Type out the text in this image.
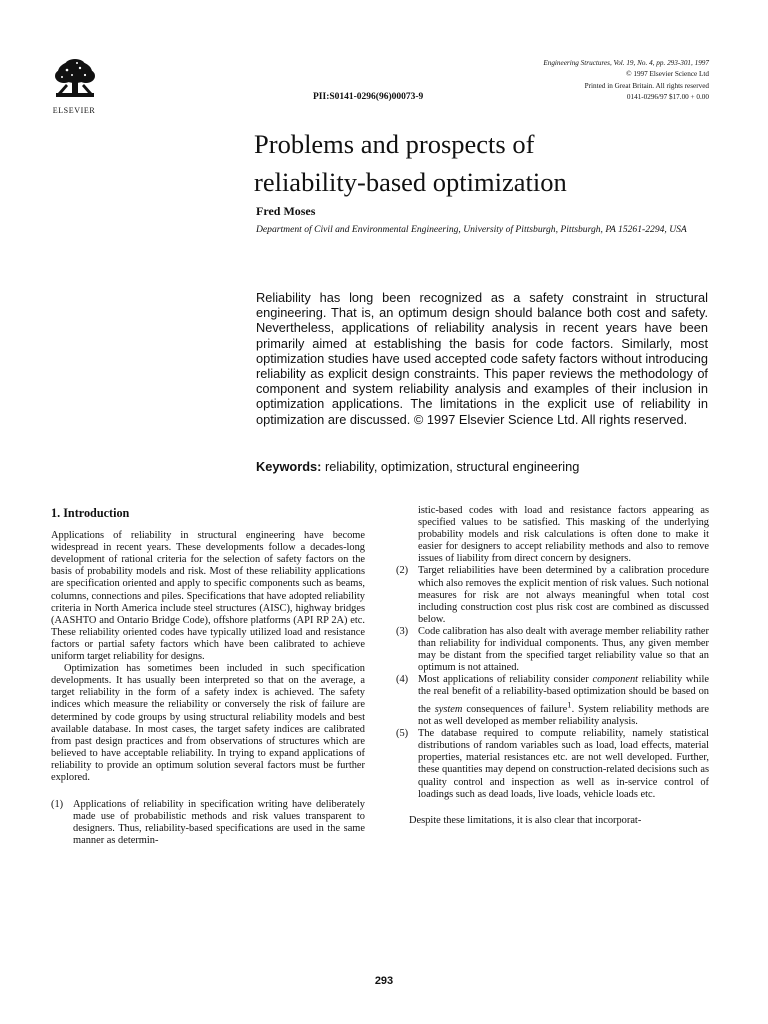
ELSEVIER
PII:S0141-0296(96)00073-9
Engineering Structures, Vol. 19, No. 4, pp. 293-301, 1997
© 1997 Elsevier Science Ltd
Printed in Great Britain. All rights reserved
0141-0296/97 $17.00 + 0.00
Problems and prospects of
reliability-based optimization
Fred Moses
Department of Civil and Environmental Engineering, University of Pittsburgh, Pittsburgh, PA 15261-2294, USA

Reliability has long been recognized as a safety constraint in structural engineering. That is, an optimum design should balance both cost and safety. Nevertheless, applications of reliability analysis in recent years have been primarily aimed at establishing the basis for code factors. Similarly, most optimization studies have used accepted code safety factors without introducing reliability as explicit design constraints. This paper reviews the methodology of component and system reliability analysis and examples of their inclusion in optimization applications. The limitations in the explicit use of reliability in optimization are discussed. © 1997 Elsevier Science Ltd. All rights reserved.

Keywords: reliability, optimization, structural engineering
1. Introduction

Applications of reliability in structural engineering have become widespread in recent years. These developments follow a decades-long development of rational criteria for the selection of safety factors on the basis of probability models and risk. Most of these reliability applications are specification oriented and apply to specific components such as beams, columns, connections and piles. Specifications that have adopted reliability criteria in North America include steel structures (AISC), highway bridges (AASHTO and Ontario Bridge Code), offshore platforms (API RP 2A) etc. These reliability oriented codes have typically utilized load and resistance factors or partial safety factors which have been calibrated to achieve uniform target reliability for designs.

Optimization has sometimes been included in such specification developments. It has usually been interpreted so that on the average, a target reliability in the form of a safety index is achieved. The safety indices which measure the reliability or conversely the risk of failure are determined by code groups by using structural reliability models and best available database. In most cases, the target safety indices are calibrated from past design practices and from observations of structures which are believed to have acceptable reliability. In trying to expand applications of reliability to provide an optimum solution several factors must be further explored.

(1) Applications of reliability in specification writing have deliberately made use of probabilistic methods and risk values transparent to designers. Thus, reliability-based specifications are used in the same manner as determin-
istic-based codes with load and resistance factors appearing as specified values to be satisfied. This masking of the underlying probability models and risk calculations is often done to make it easier for designers to accept reliability methods and also to remove issues of liability from direct concern by designers.
(2) Target reliabilities have been determined by a calibration procedure which also removes the explicit mention of risk values. Such notional measures for risk are not always meaningful when total cost including construction cost plus risk cost are combined as discussed below.
(3) Code calibration has also dealt with average member reliability rather than reliability for individual components. Thus, any given member may be distant from the specified target reliability value so that an optimum is not attained.
(4) Most applications of reliability consider component reliability while the real benefit of a reliability-based optimization should be based on the system consequences of failure$^1$. System reliability methods are not as well developed as member reliability analysis.
(5) The database required to compute reliability, namely statistical distributions of random variables such as load, load effects, material properties, material resistances etc. are not well developed. Further, these quantities may depend on construction-related decisions such as quality control and inspection as well as in-service control of loadings such as dead loads, live loads, vehicle loads etc.

Despite these limitations, it is also clear that incorporat-

293
